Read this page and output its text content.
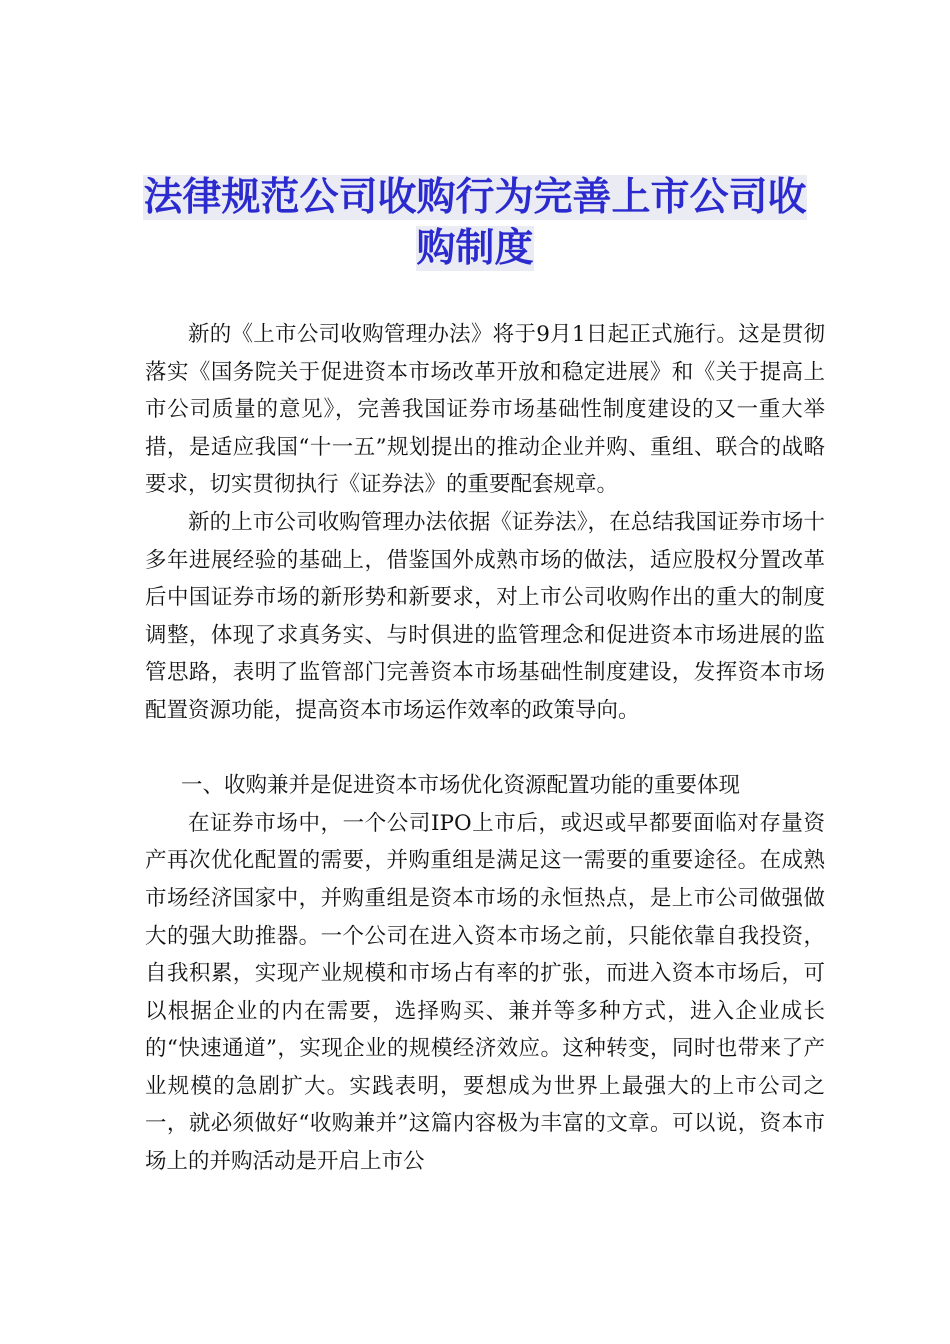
法律规范公司收购行为完善上市公司收购制度

新的《上市公司收购管理办法》将于9月1日起正式施行。这是贯彻落实《国务院关于促进资本市场改革开放和稳定进展》和《关于提高上市公司质量的意见》，完善我国证券市场基础性制度建设的又一重大举措，是适应我国“十一五”规划提出的推动企业并购、重组、联合的战略要求，切实贯彻执行《证券法》的重要配套规章。

新的上市公司收购管理办法依据《证券法》，在总结我国证券市场十多年进展经验的基础上，借鉴国外成熟市场的做法，适应股权分置改革后中国证券市场的新形势和新要求，对上市公司收购作出的重大的制度调整，体现了求真务实、与时俱进的监管理念和促进资本市场进展的监管思路，表明了监管部门完善资本市场基础性制度建设，发挥资本市场配置资源功能，提高资本市场运作效率的政策导向。

一、收购兼并是促进资本市场优化资源配置功能的重要体现

在证券市场中，一个公司IPO上市后，或迟或早都要面临对存量资产再次优化配置的需要，并购重组是满足这一需要的重要途径。在成熟市场经济国家中，并购重组是资本市场的永恒热点，是上市公司做强做大的强大助推器。一个公司在进入资本市场之前，只能依靠自我投资，自我积累，实现产业规模和市场占有率的扩张，而进入资本市场后，可以根据企业的内在需要，选择购买、兼并等多种方式，进入企业成长的“快速通道”，实现企业的规模经济效应。这种转变，同时也带来了产业规模的急剧扩大。实践表明，要想成为世界上最强大的上市公司之一，就必须做好“收购兼并”这篇内容极为丰富的文章。可以说，资本市场上的并购活动是开启上市公
